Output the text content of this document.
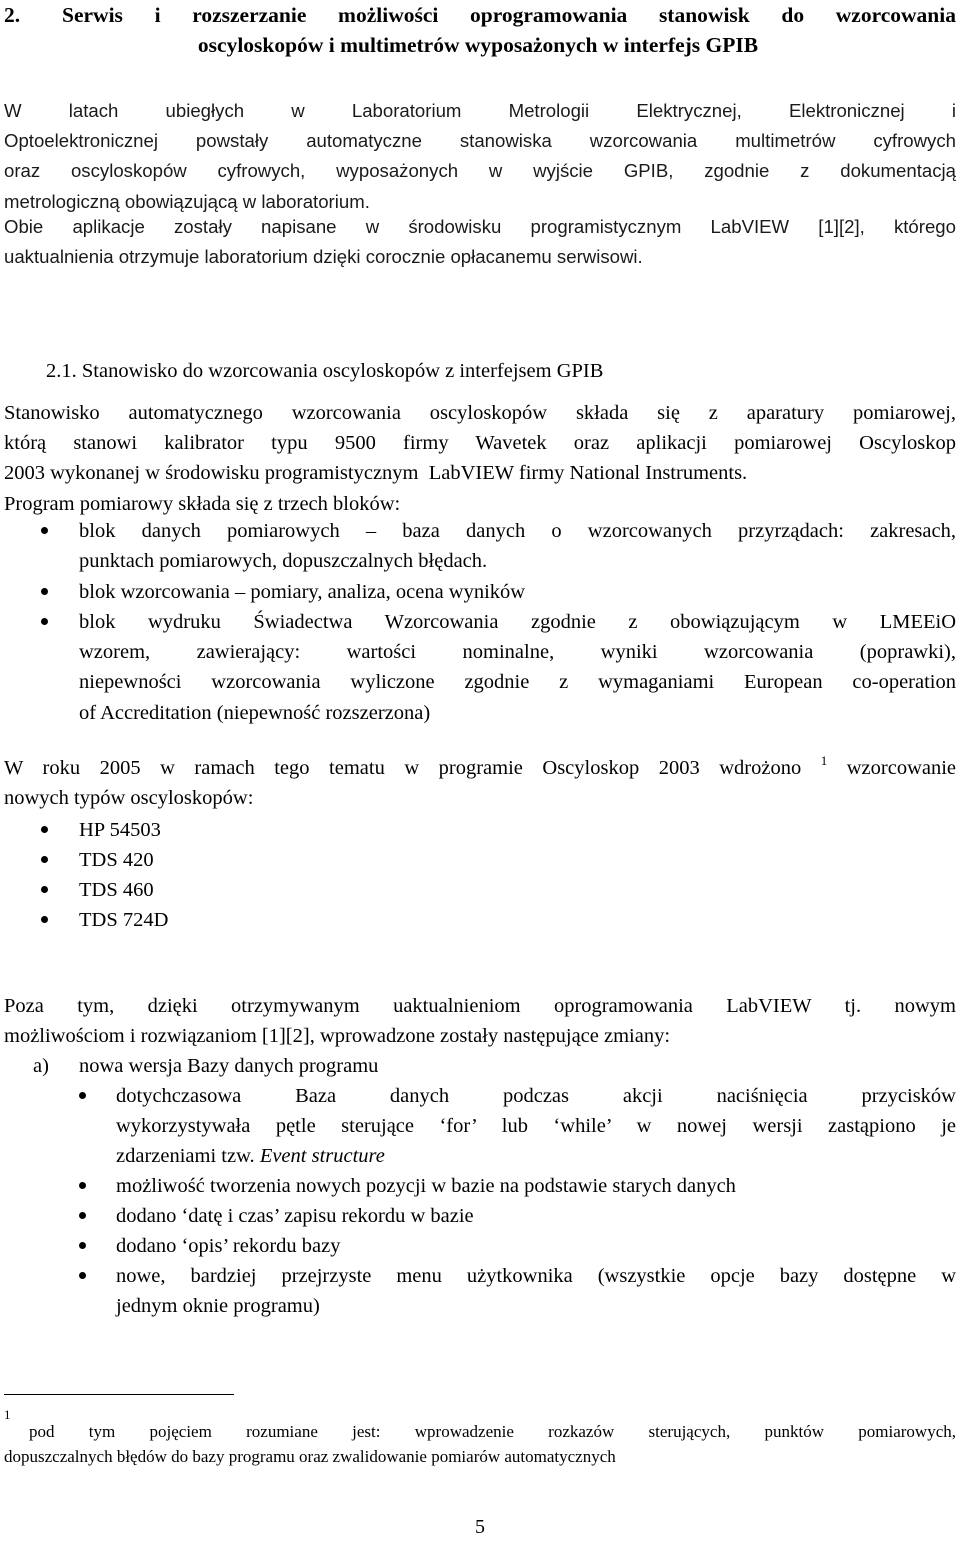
2. Serwis i rozszerzanie możliwości oprogramowania stanowisk do wzorcowania
oscyloskopów i multimetrów wyposażonych w interfejs GPIB
W latach ubiegłych w Laboratorium Metrologii Elektrycznej, Elektronicznej i
Optoelektronicznej powstały automatyczne stanowiska wzorcowania multimetrów cyfrowych
oraz oscyloskopów cyfrowych, wyposażonych w wyjście GPIB, zgodnie z dokumentacją
metrologiczną obowiązującą w laboratorium.
Obie aplikacje zostały napisane w środowisku programistycznym LabVIEW [1][2], którego
uaktualnienia otrzymuje laboratorium dzięki corocznie opłacanemu serwisowi.
2.1. Stanowisko do wzorcowania oscyloskopów z interfejsem GPIB
Stanowisko automatycznego wzorcowania oscyloskopów składa się z aparatury pomiarowej,
którą stanowi kalibrator typu 9500 firmy Wavetek oraz aplikacji pomiarowej Oscyloskop
2003 wykonanej w środowisku programistycznym  LabVIEW firmy National Instruments.
Program pomiarowy składa się z trzech bloków:
blok danych pomiarowych – baza danych o wzorcowanych przyrządach: zakresach,
punktach pomiarowych, dopuszczalnych błędach.
blok wzorcowania – pomiary, analiza, ocena wyników
blok wydruku Świadectwa Wzorcowania zgodnie z obowiązującym w LMEEiO
wzorem, zawierający: wartości nominalne, wyniki wzorcowania (poprawki),
niepewności wzorcowania wyliczone zgodnie z wymaganiami European co-operation
of Accreditation (niepewność rozszerzona)
W roku 2005 w ramach tego tematu w programie Oscyloskop 2003 wdrożono $^1$ wzorcowanie
nowych typów oscyloskopów:
HP 54503
TDS 420
TDS 460
TDS 724D
Poza tym, dzięki otrzymywanym uaktualnieniom oprogramowania LabVIEW tj. nowym
możliwościom i rozwiązaniom [1][2], wprowadzone zostały następujące zmiany:
a) nowa wersja Bazy danych programu
dotychczasowa Baza danych podczas akcji naciśnięcia przycisków
wykorzystywała pętle sterujące ‘for’ lub ‘while’ w nowej wersji zastąpiono je
zdarzeniami tzw. Event structure
możliwość tworzenia nowych pozycji w bazie na podstawie starych danych
dodano ‘datę i czas’ zapisu rekordu w bazie
dodano ‘opis’ rekordu bazy
nowe, bardziej przejrzyste menu użytkownika (wszystkie opcje bazy dostępne w
jednym oknie programu)
1
pod tym pojęciem rozumiane jest: wprowadzenie rozkazów sterujących, punktów pomiarowych,
dopuszczalnych błędów do bazy programu oraz zwalidowanie pomiarów automatycznych
5
